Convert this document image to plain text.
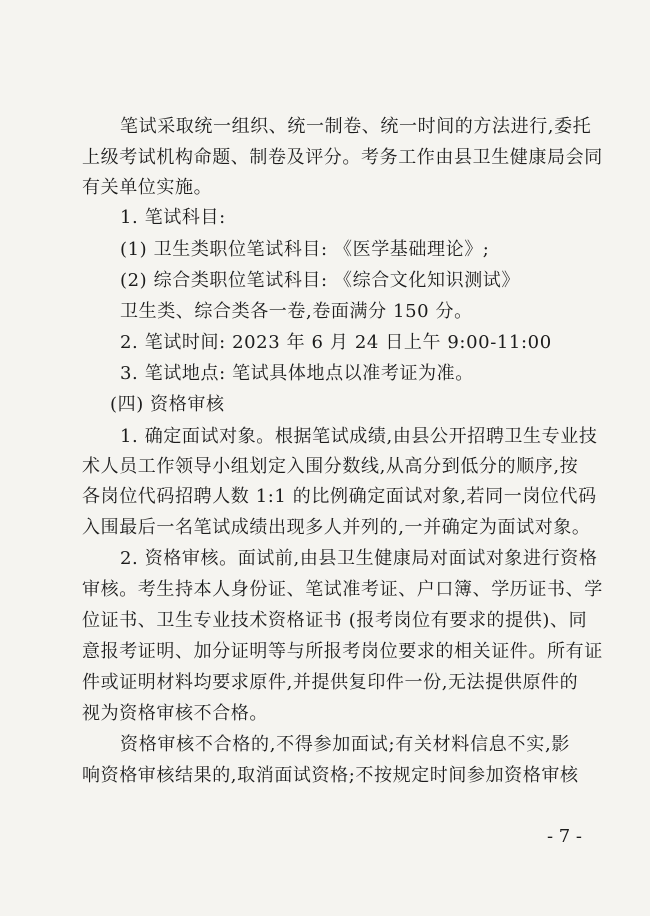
笔试采取统一组织、统一制卷、统一时间的方法进行,委托
上级考试机构命题、制卷及评分。考务工作由县卫生健康局会同
有关单位实施。
1. 笔试科目:
(1) 卫生类职位笔试科目: 《医学基础理论》;
(2) 综合类职位笔试科目: 《综合文化知识测试》
卫生类、综合类各一卷,卷面满分 150 分。
2. 笔试时间: 2023 年 6 月 24 日上午 9:00-11:00
3. 笔试地点: 笔试具体地点以准考证为准。
(四) 资格审核
1. 确定面试对象。根据笔试成绩,由县公开招聘卫生专业技
术人员工作领导小组划定入围分数线,从高分到低分的顺序,按
各岗位代码招聘人数 1:1 的比例确定面试对象,若同一岗位代码
入围最后一名笔试成绩出现多人并列的,一并确定为面试对象。
2. 资格审核。面试前,由县卫生健康局对面试对象进行资格
审核。考生持本人身份证、笔试准考证、户口簿、学历证书、学
位证书、卫生专业技术资格证书 (报考岗位有要求的提供)、同
意报考证明、加分证明等与所报考岗位要求的相关证件。所有证
件或证明材料均要求原件,并提供复印件一份,无法提供原件的
视为资格审核不合格。
资格审核不合格的,不得参加面试;有关材料信息不实,影
响资格审核结果的,取消面试资格;不按规定时间参加资格审核
- 7 -
